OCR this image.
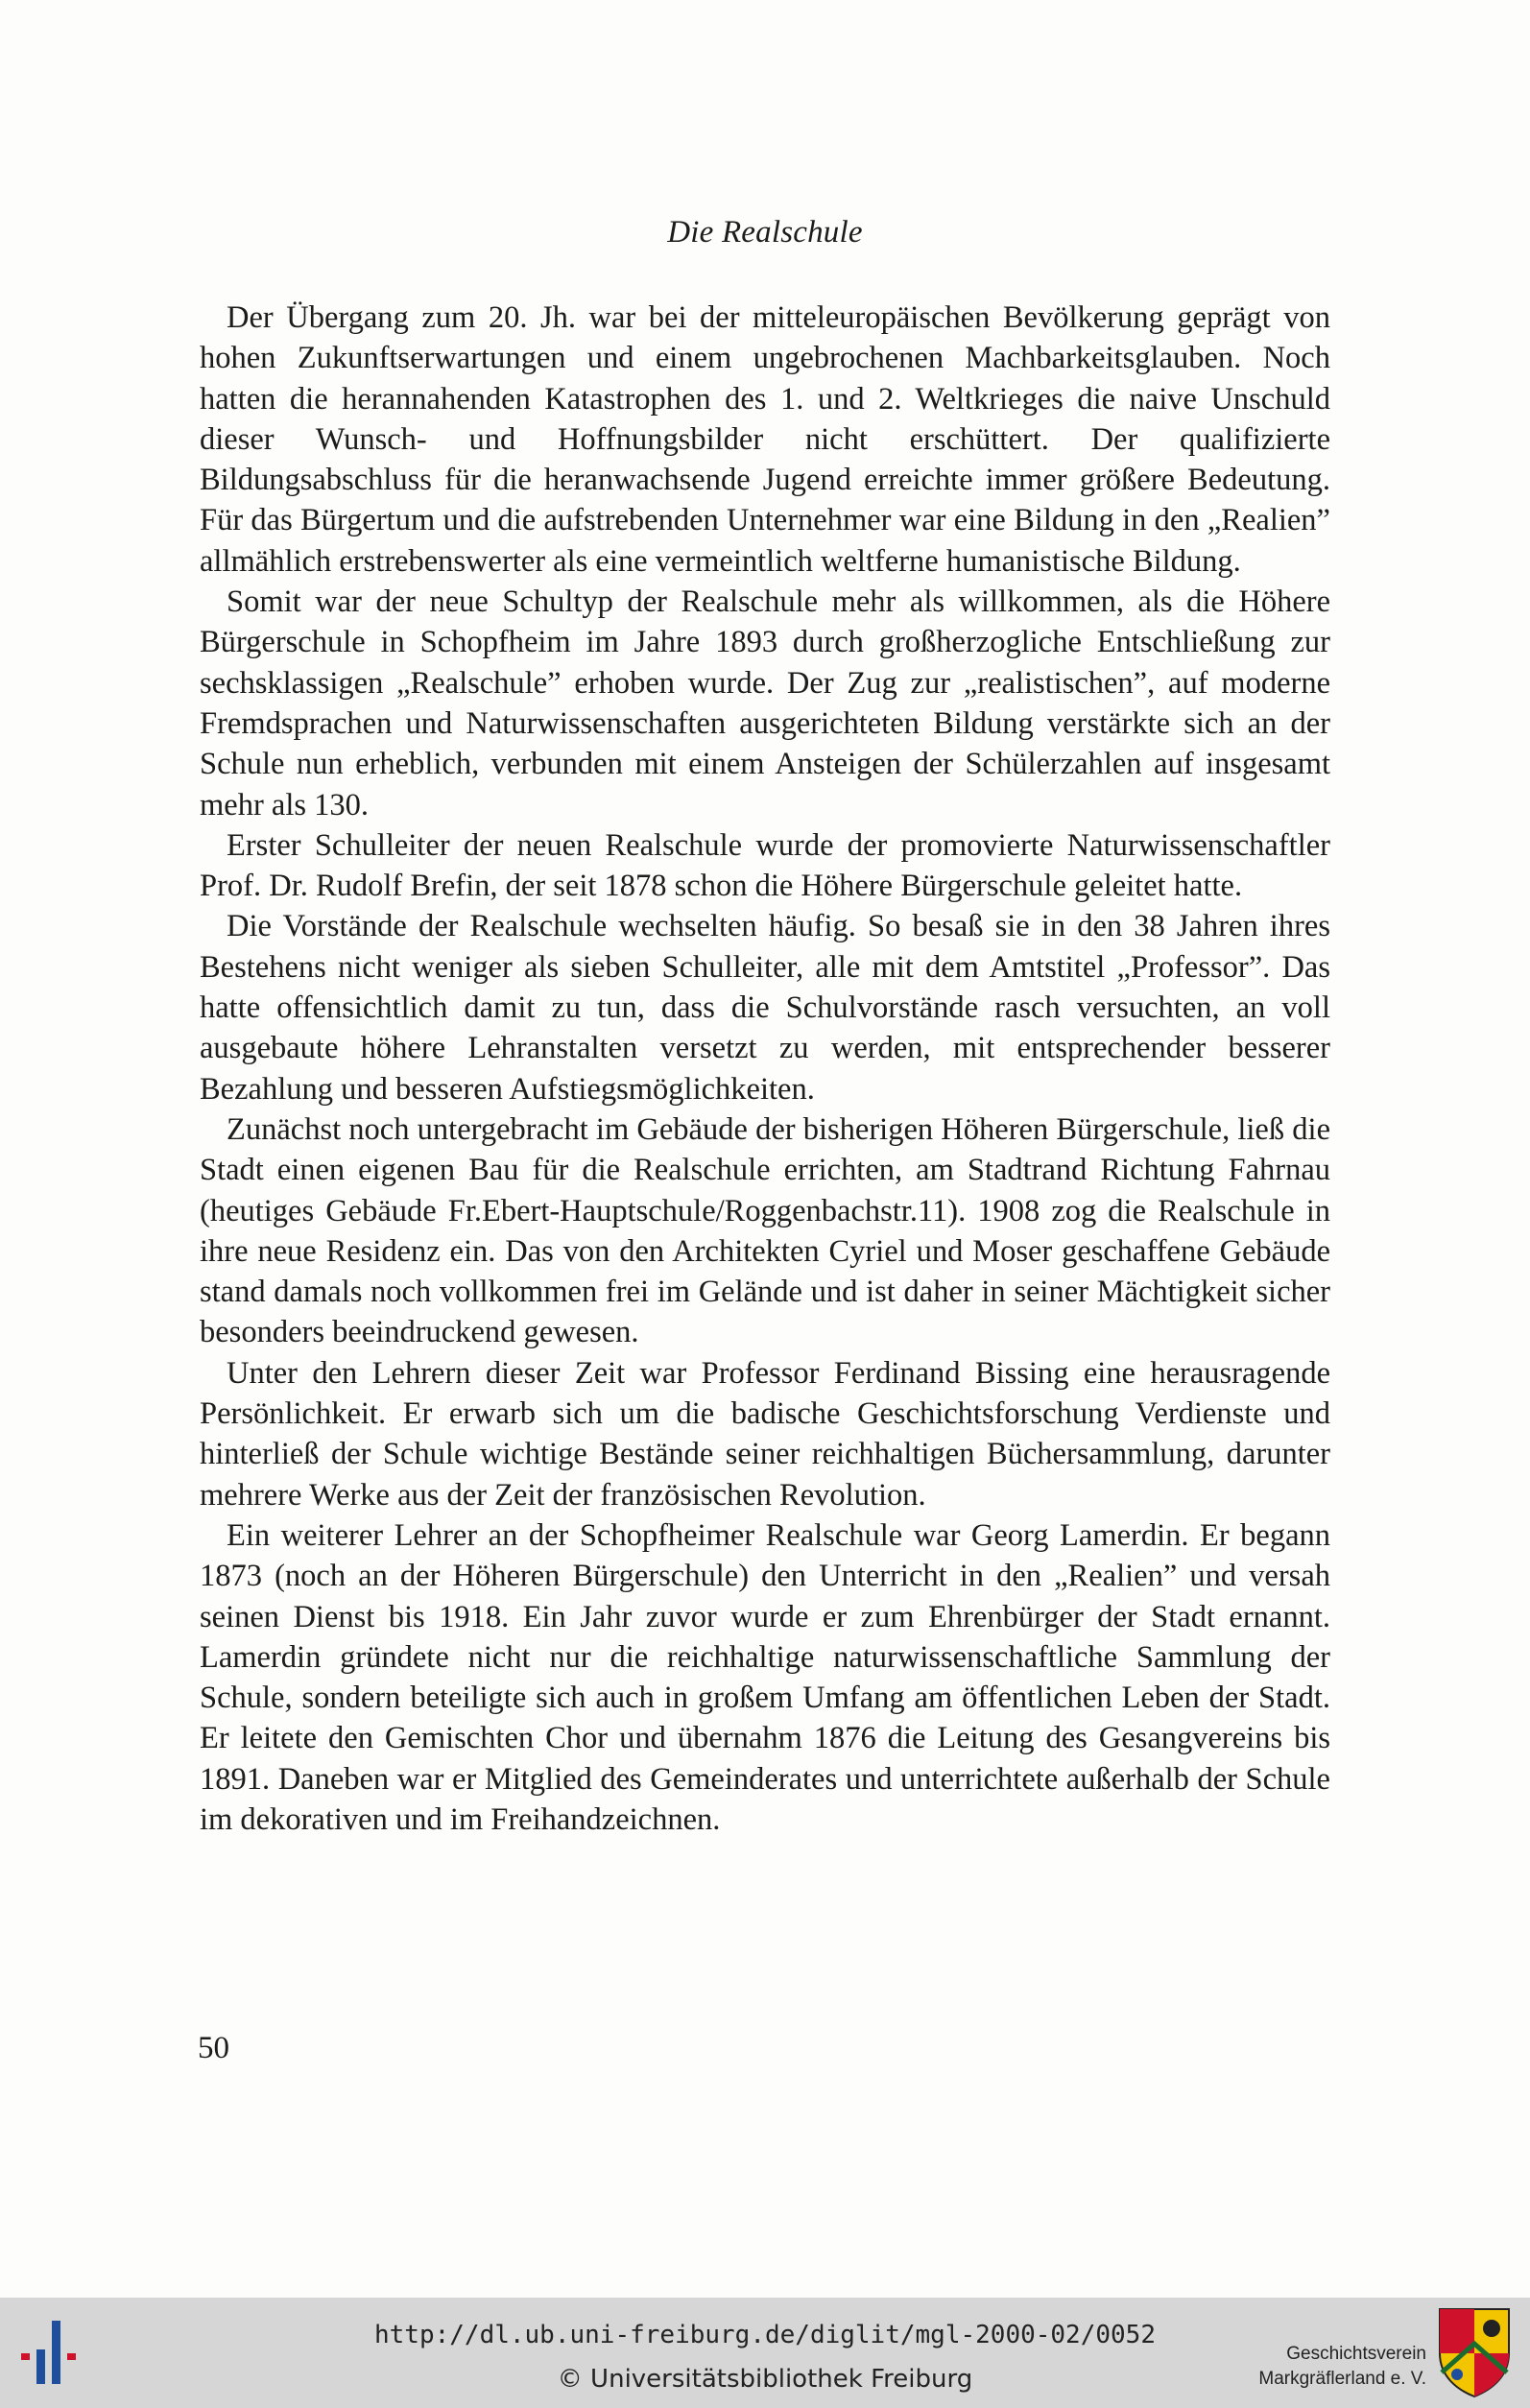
Die Realschule

Der Übergang zum 20. Jh. war bei der mitteleuropäischen Bevölkerung geprägt von hohen Zukunftserwartungen und einem ungebrochenen Machbarkeitsglauben. Noch hatten die herannahenden Katastrophen des 1. und 2. Weltkrieges die naive Unschuld dieser Wunsch- und Hoffnungsbilder nicht erschüttert. Der qualifizierte Bildungsabschluss für die heranwachsende Jugend erreichte immer größere Bedeutung. Für das Bürgertum und die aufstrebenden Unternehmer war eine Bildung in den „Realien” allmählich erstrebenswerter als eine vermeintlich weltferne humanistische Bildung.

Somit war der neue Schultyp der Realschule mehr als willkommen, als die Höhere Bürgerschule in Schopfheim im Jahre 1893 durch großherzogliche Entschließung zur sechsklassigen „Realschule” erhoben wurde. Der Zug zur „realistischen”, auf moderne Fremdsprachen und Naturwissenschaften ausgerichteten Bildung verstärkte sich an der Schule nun erheblich, verbunden mit einem Ansteigen der Schülerzahlen auf insgesamt mehr als 130.

Erster Schulleiter der neuen Realschule wurde der promovierte Naturwissenschaftler Prof. Dr. Rudolf Brefin, der seit 1878 schon die Höhere Bürgerschule geleitet hatte.

Die Vorstände der Realschule wechselten häufig. So besaß sie in den 38 Jahren ihres Bestehens nicht weniger als sieben Schulleiter, alle mit dem Amtstitel „Professor”. Das hatte offensichtlich damit zu tun, dass die Schulvorstände rasch versuchten, an voll ausgebaute höhere Lehranstalten versetzt zu werden, mit entsprechender besserer Bezahlung und besseren Aufstiegsmöglichkeiten.

Zunächst noch untergebracht im Gebäude der bisherigen Höheren Bürgerschule, ließ die Stadt einen eigenen Bau für die Realschule errichten, am Stadtrand Richtung Fahrnau (heutiges Gebäude Fr.Ebert-Hauptschule/Roggenbachstr.11). 1908 zog die Realschule in ihre neue Residenz ein. Das von den Architekten Cyriel und Moser geschaffene Gebäude stand damals noch vollkommen frei im Gelände und ist daher in seiner Mächtigkeit sicher besonders beeindruckend gewesen.

Unter den Lehrern dieser Zeit war Professor Ferdinand Bissing eine herausragende Persönlichkeit. Er erwarb sich um die badische Geschichtsforschung Verdienste und hinterließ der Schule wichtige Bestände seiner reichhaltigen Büchersammlung, darunter mehrere Werke aus der Zeit der französischen Revolution.

Ein weiterer Lehrer an der Schopfheimer Realschule war Georg Lamerdin. Er begann 1873 (noch an der Höheren Bürgerschule) den Unterricht in den „Realien” und versah seinen Dienst bis 1918. Ein Jahr zuvor wurde er zum Ehrenbürger der Stadt ernannt. Lamerdin gründete nicht nur die reichhaltige naturwissenschaftliche Sammlung der Schule, sondern beteiligte sich auch in großem Umfang am öffentlichen Leben der Stadt. Er leitete den Gemischten Chor und übernahm 1876 die Leitung des Gesangvereins bis 1891. Daneben war er Mitglied des Gemeinderates und unterrichtete außerhalb der Schule im dekorativen und im Freihandzeichnen.

50
http://dl.ub.uni-freiburg.de/diglit/mgl-2000-02/0052
© Universitätsbibliothek Freiburg
Geschichtsverein
Markgräflerland e. V.
